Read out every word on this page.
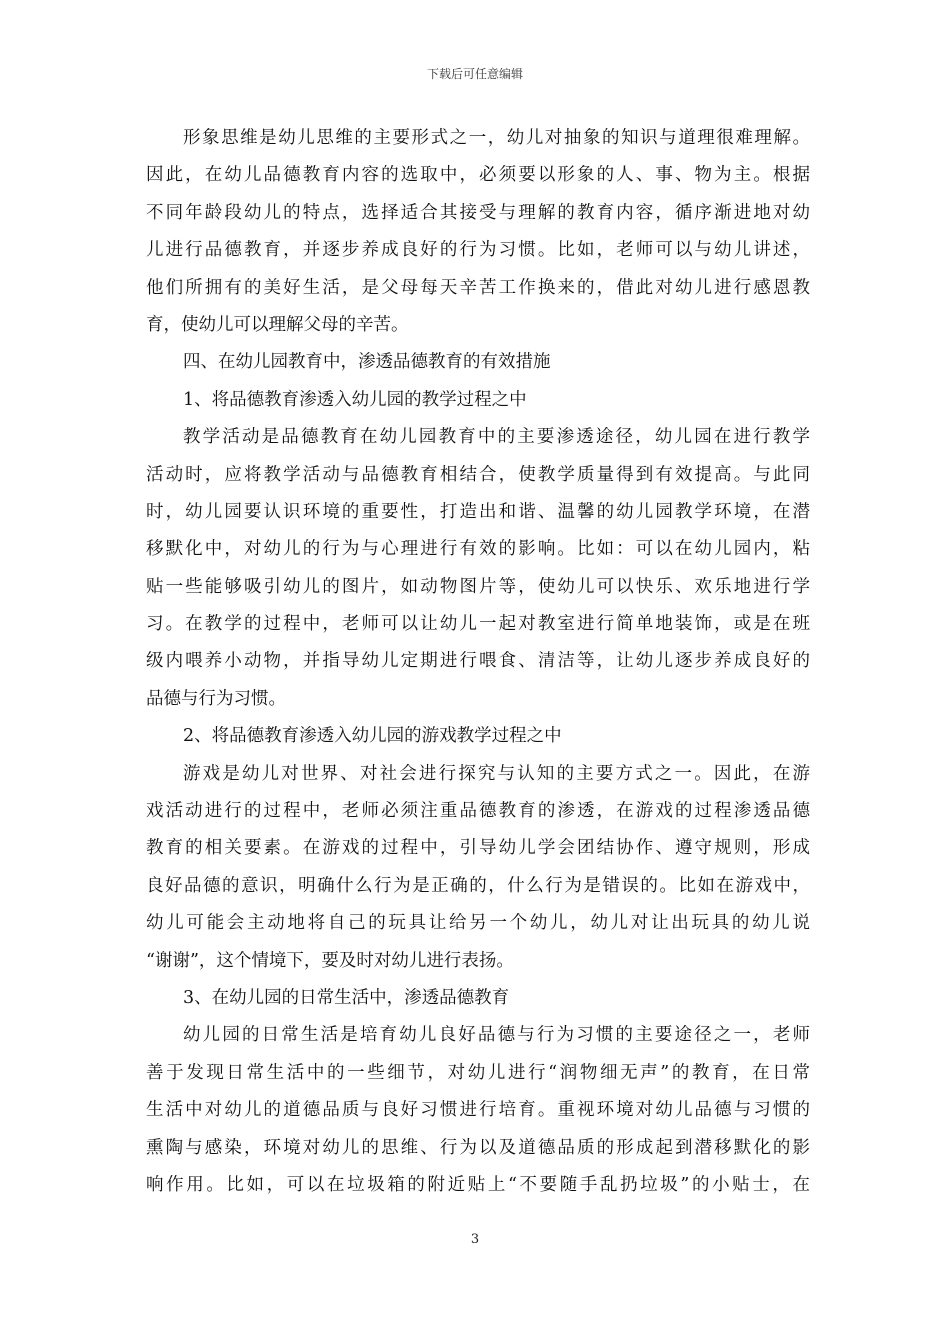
下载后可任意编辑
形象思维是幼儿思维的主要形式之一，幼儿对抽象的知识与道理很难理解。
因此，在幼儿品德教育内容的选取中，必须要以形象的人、事、物为主。根据
不同年龄段幼儿的特点，选择适合其接受与理解的教育内容，循序渐进地对幼
儿进行品德教育，并逐步养成良好的行为习惯。比如，老师可以与幼儿讲述，
他们所拥有的美好生活，是父母每天辛苦工作换来的，借此对幼儿进行感恩教
育，使幼儿可以理解父母的辛苦。
四、在幼儿园教育中，渗透品德教育的有效措施
1、将品德教育渗透入幼儿园的教学过程之中
教学活动是品德教育在幼儿园教育中的主要渗透途径，幼儿园在进行教学
活动时，应将教学活动与品德教育相结合，使教学质量得到有效提高。与此同
时，幼儿园要认识环境的重要性，打造出和谐、温馨的幼儿园教学环境，在潜
移默化中，对幼儿的行为与心理进行有效的影响。比如：可以在幼儿园内，粘
贴一些能够吸引幼儿的图片，如动物图片等，使幼儿可以快乐、欢乐地进行学
习。在教学的过程中，老师可以让幼儿一起对教室进行简单地装饰，或是在班
级内喂养小动物，并指导幼儿定期进行喂食、清洁等，让幼儿逐步养成良好的
品德与行为习惯。
2、将品德教育渗透入幼儿园的游戏教学过程之中
游戏是幼儿对世界、对社会进行探究与认知的主要方式之一。因此，在游
戏活动进行的过程中，老师必须注重品德教育的渗透，在游戏的过程渗透品德
教育的相关要素。在游戏的过程中，引导幼儿学会团结协作、遵守规则，形成
良好品德的意识，明确什么行为是正确的，什么行为是错误的。比如在游戏中，
幼儿可能会主动地将自己的玩具让给另一个幼儿，幼儿对让出玩具的幼儿说
“谢谢”，这个情境下，要及时对幼儿进行表扬。
3、在幼儿园的日常生活中，渗透品德教育
幼儿园的日常生活是培育幼儿良好品德与行为习惯的主要途径之一，老师
善于发现日常生活中的一些细节，对幼儿进行“润物细无声”的教育，在日常
生活中对幼儿的道德品质与良好习惯进行培育。重视环境对幼儿品德与习惯的
熏陶与感染，环境对幼儿的思维、行为以及道德品质的形成起到潜移默化的影
响作用。比如，可以在垃圾箱的附近贴上“不要随手乱扔垃圾”的小贴士，在
3
